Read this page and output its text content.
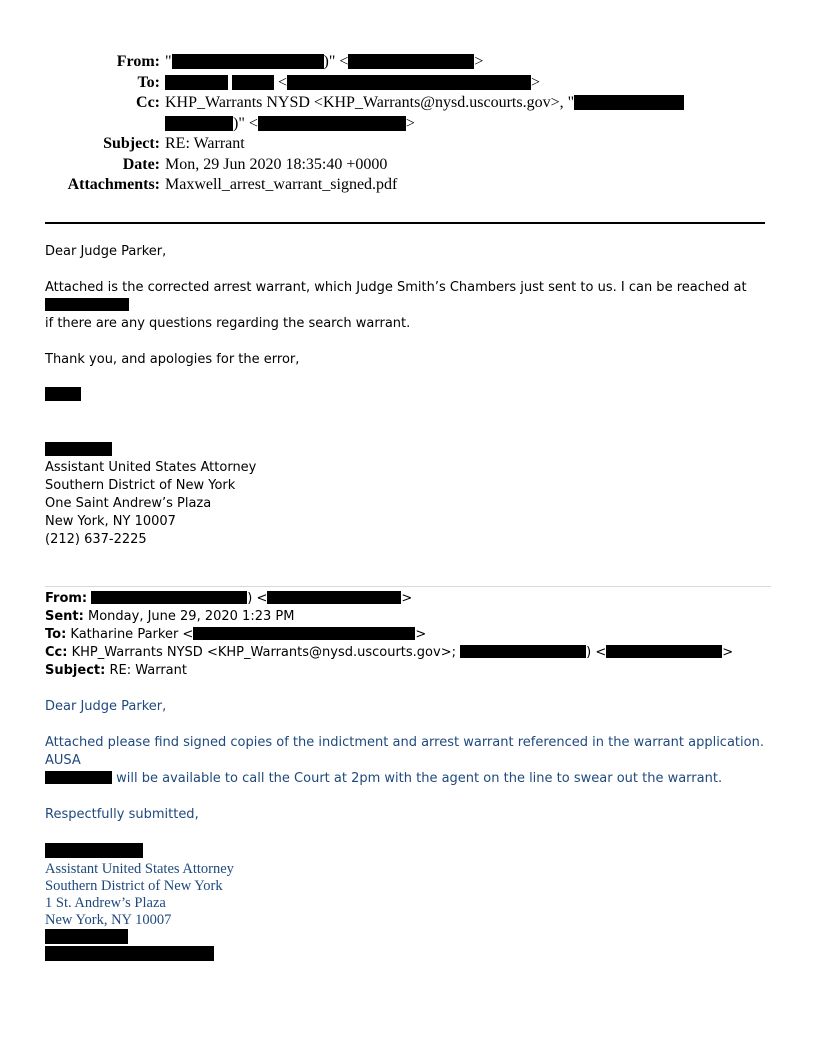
From: "	)" <	>
To:	<	>
Cc: KHP_Warrants NYSD <KHP_Warrants@nysd.uscourts.gov>, "
)" <	>
Subject: RE: Warrant
Date: Mon, 29 Jun 2020 18:35:40 +0000
Attachments: Maxwell_arrest_warrant_signed.pdf

Dear Judge Parker,

Attached is the corrected arrest warrant, which Judge Smith’s Chambers just sent to us. I can be reached at
if there are any questions regarding the search warrant.

Thank you, and apologies for the error,

Assistant United States Attorney
Southern District of New York
One Saint Andrew’s Plaza
New York, NY 10007
(212) 637-2225
From:	) <	>
Sent: Monday, June 29, 2020 1:23 PM
To: Katharine Parker <	>
Cc: KHP_Warrants NYSD <KHP_Warrants@nysd.uscourts.gov>;	) <	>
Subject: RE: Warrant
Dear Judge Parker,
Attached please find signed copies of the indictment and arrest warrant referenced in the warrant application. AUSA
will be available to call the Court at 2pm with the agent on the line to swear out the warrant.
Respectfully submitted,
Assistant United States Attorney
Southern District of New York
1 St. Andrew’s Plaza
New York, NY 10007
